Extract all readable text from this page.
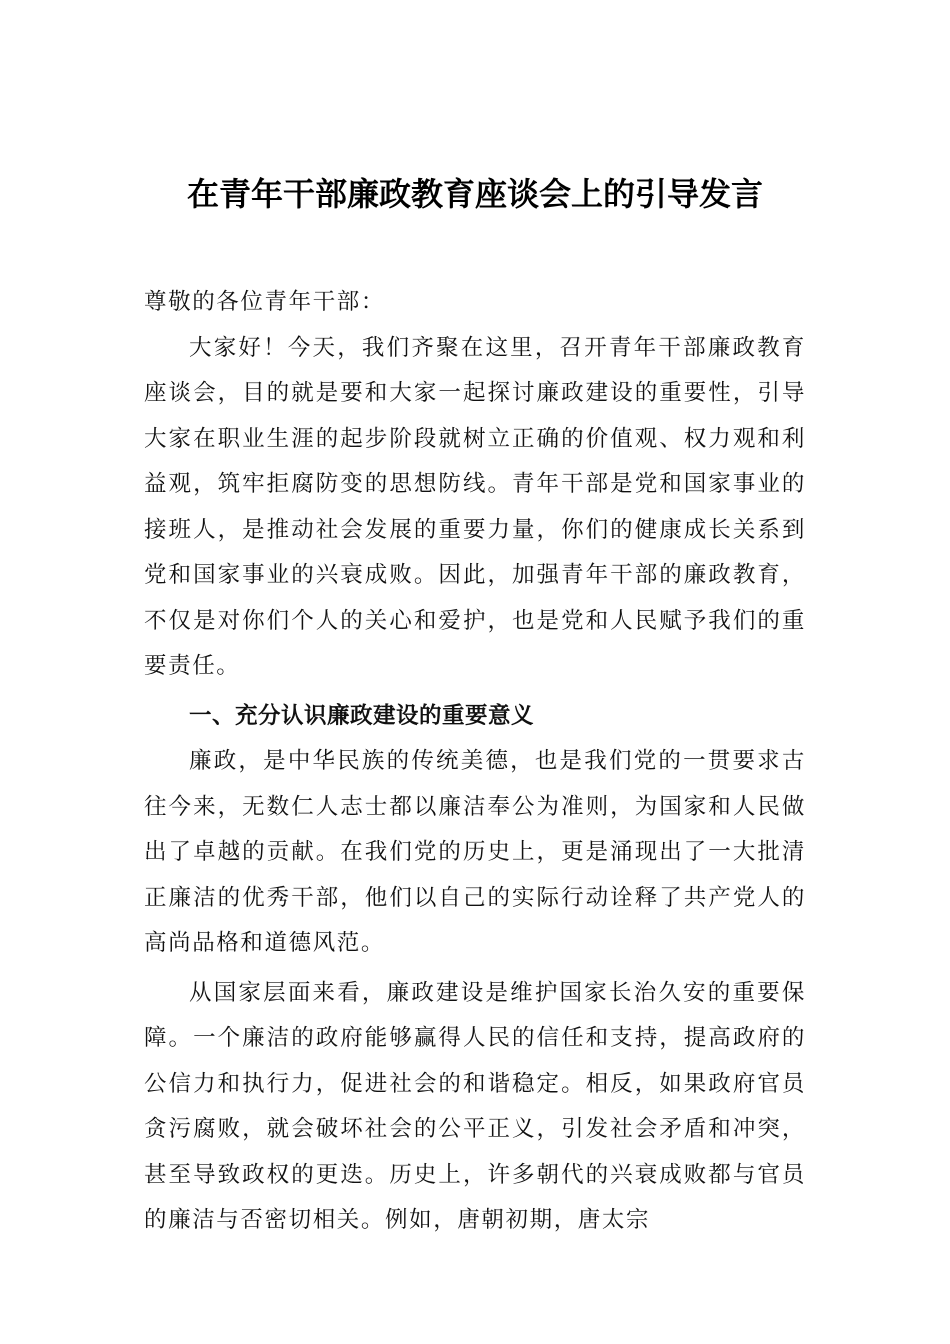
在青年干部廉政教育座谈会上的引导发言

尊敬的各位青年干部：

大家好！今天，我们齐聚在这里，召开青年干部廉政教育座谈会，目的就是要和大家一起探讨廉政建设的重要性，引导大家在职业生涯的起步阶段就树立正确的价值观、权力观和利益观，筑牢拒腐防变的思想防线。青年干部是党和国家事业的接班人，是推动社会发展的重要力量，你们的健康成长关系到党和国家事业的兴衰成败。因此，加强青年干部的廉政教育，不仅是对你们个人的关心和爱护，也是党和人民赋予我们的重要责任。

一、充分认识廉政建设的重要意义

廉政，是中华民族的传统美德，也是我们党的一贯要求古往今来，无数仁人志士都以廉洁奉公为准则，为国家和人民做出了卓越的贡献。在我们党的历史上，更是涌现出了一大批清正廉洁的优秀干部，他们以自己的实际行动诠释了共产党人的高尚品格和道德风范。

从国家层面来看，廉政建设是维护国家长治久安的重要保障。一个廉洁的政府能够赢得人民的信任和支持，提高政府的公信力和执行力，促进社会的和谐稳定。相反，如果政府官员贪污腐败，就会破坏社会的公平正义，引发社会矛盾和冲突，甚至导致政权的更迭。历史上，许多朝代的兴衰成败都与官员的廉洁与否密切相关。例如，唐朝初期，唐太宗
